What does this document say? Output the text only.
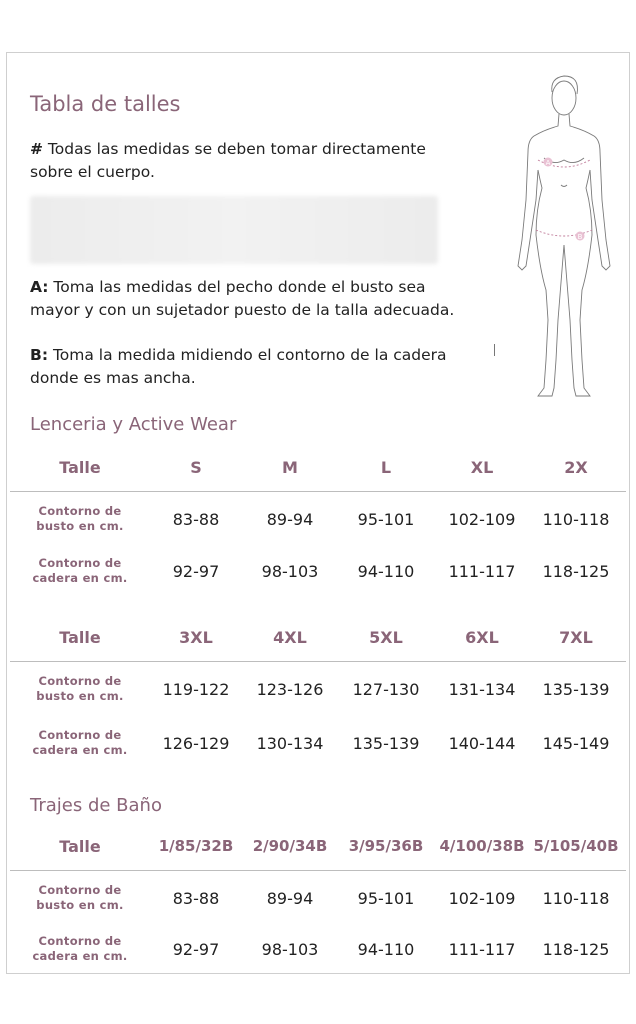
Tabla de talles
# Todas las medidas se deben tomar directamente
sobre el cuerpo.
A: Toma las medidas del pecho donde el busto sea
mayor y con un sujetador puesto de la talla adecuada.
B: Toma la medida midiendo el contorno de la cadera
donde es mas ancha.
A
B
Lenceria y Active Wear
Talle	S	M	L	XL	2X
Contorno de
busto en cm.	83-88	89-94	95-101	102-109	110-118
Contorno de
cadera en cm.	92-97	98-103	94-110	111-117	118-125
Talle	3XL	4XL	5XL	6XL	7XL
Contorno de
busto en cm.	119-122	123-126	127-130	131-134	135-139
Contorno de
cadera en cm.	126-129	130-134	135-139	140-144	145-149
Trajes de Baño
Talle	1/85/32B	2/90/34B	3/95/36B	4/100/38B 5/105/40B
Contorno de
busto en cm.	83-88	89-94	95-101	102-109	110-118
Contorno de
cadera en cm.	92-97	98-103	94-110	111-117	118-125
